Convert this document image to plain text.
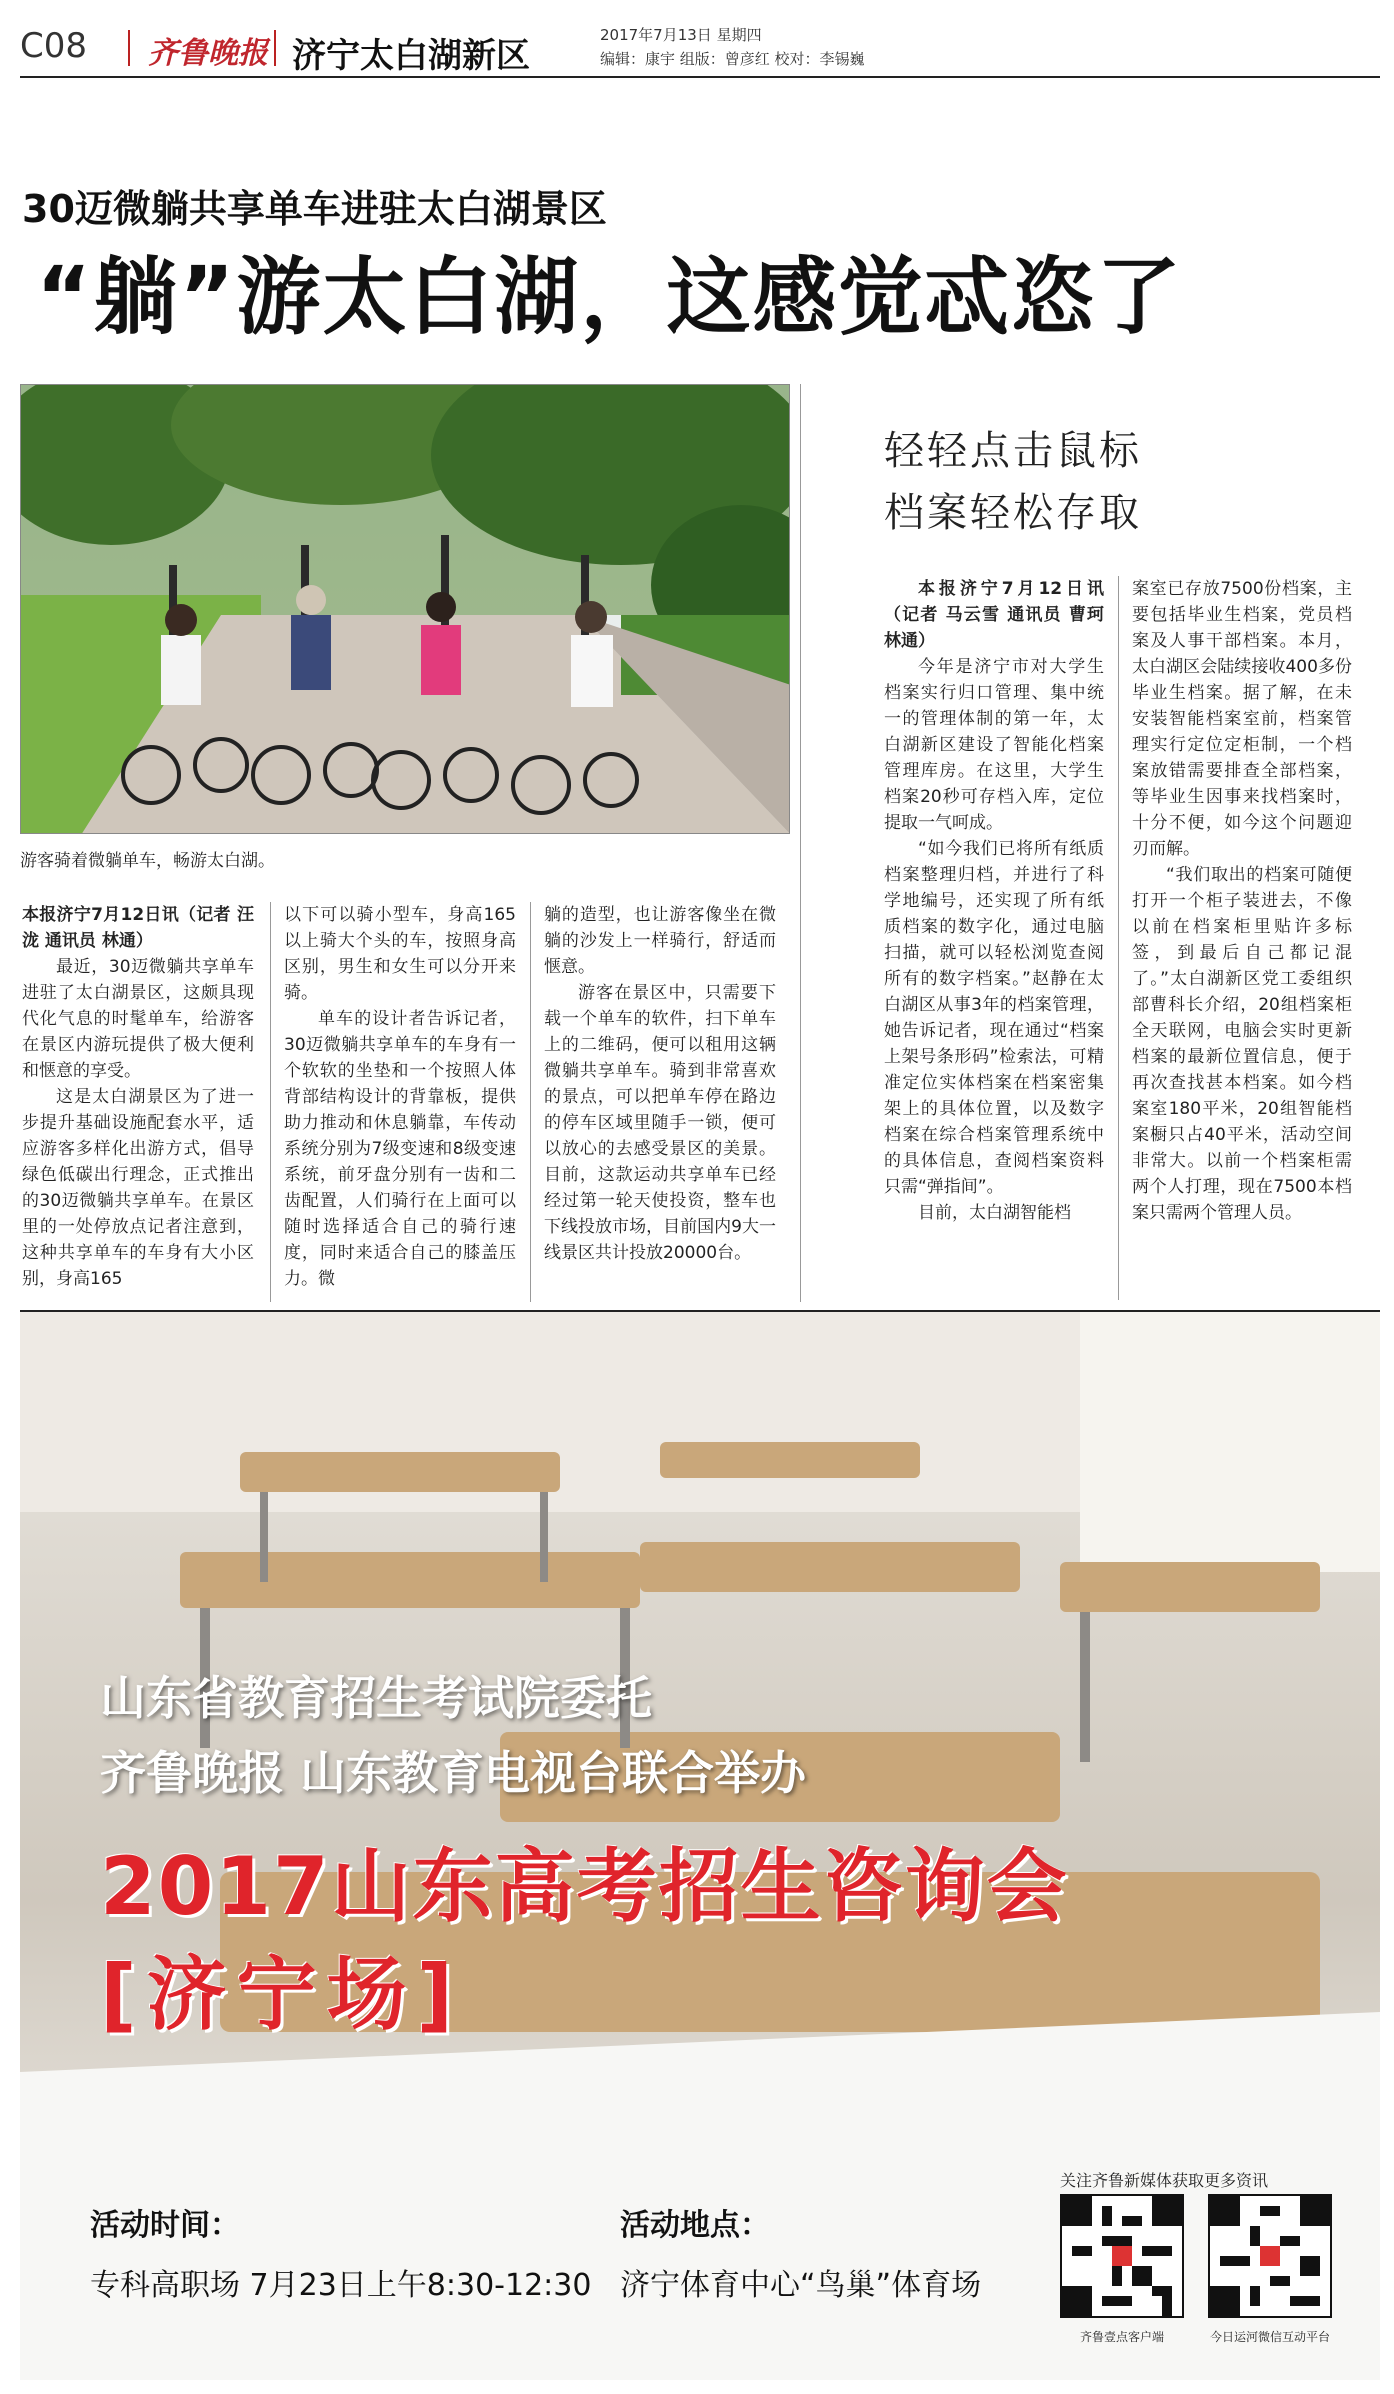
C08 齐鲁晚报 济宁太白湖新区
2017年7月13日 星期四
编辑：康宇 组版：曾彦红 校对：李锡巍
30迈微躺共享单车进驻太白湖景区
“躺”游太白湖，这感觉忒恣了
游客骑着微躺单车，畅游太白湖。

本报济宁7月12日讯（记者 汪泷 通讯员 林通）

最近，30迈微躺共享单车进驻了太白湖景区，这颇具现代化气息的时髦单车，给游客在景区内游玩提供了极大便利和惬意的享受。

这是太白湖景区为了进一步提升基础设施配套水平，适应游客多样化出游方式，倡导绿色低碳出行理念，正式推出的30迈微躺共享单车。在景区里的一处停放点记者注意到，这种共享单车的车身有大小区别，身高165

以下可以骑小型车，身高165以上骑大个头的车，按照身高区别，男生和女生可以分开来骑。

单车的设计者告诉记者，30迈微躺共享单车的车身有一个软软的坐垫和一个按照人体背部结构设计的背靠板，提供助力推动和休息躺靠，车传动系统分别为7级变速和8级变速系统，前牙盘分别有一齿和二齿配置，人们骑行在上面可以随时选择适合自己的骑行速度，同时来适合自己的膝盖压力。微

躺的造型，也让游客像坐在微躺的沙发上一样骑行，舒适而惬意。

游客在景区中，只需要下载一个单车的软件，扫下单车上的二维码，便可以租用这辆微躺共享单车。骑到非常喜欢的景点，可以把单车停在路边的停车区域里随手一锁，便可以放心的去感受景区的美景。目前，这款运动共享单车已经经过第一轮天使投资，整车也下线投放市场，目前国内9大一线景区共计投放20000台。

轻轻点击鼠标
档案轻松存取

本报济宁7月12日讯（记者 马云雪 通讯员 曹珂 林通）

今年是济宁市对大学生档案实行归口管理、集中统一的管理体制的第一年，太白湖新区建设了智能化档案管理库房。在这里，大学生档案20秒可存档入库，定位提取一气呵成。

“如今我们已将所有纸质档案整理归档，并进行了科学地编号，还实现了所有纸质档案的数字化，通过电脑扫描，就可以轻松浏览查阅所有的数字档案。”赵静在太白湖区从事3年的档案管理，她告诉记者，现在通过“档案上架号条形码”检索法，可精准定位实体档案在档案密集架上的具体位置，以及数字档案在综合档案管理系统中的具体信息，查阅档案资料只需“弹指间”。

目前，太白湖智能档

案室已存放7500份档案，主要包括毕业生档案，党员档案及人事干部档案。本月，太白湖区会陆续接收400多份毕业生档案。据了解，在未安装智能档案室前，档案管理实行定位定柜制，一个档案放错需要排查全部档案，等毕业生因事来找档案时，十分不便，如今这个问题迎刃而解。

“我们取出的档案可随便打开一个柜子装进去，不像以前在档案柜里贴许多标签，到最后自己都记混了。”太白湖新区党工委组织部曹科长介绍，20组档案柜全天联网，电脑会实时更新档案的最新位置信息，便于再次查找甚本档案。如今档案室180平米，20组智能档案橱只占40平米，活动空间非常大。以前一个档案柜需两个人打理，现在7500本档案只需两个管理人员。

山东省教育招生考试院委托
齐鲁晚报 山东教育电视台联合举办
2017山东高考招生咨询会
[济宁场]
活动时间：
专科高职场 7月23日上午8:30-12:30
活动地点：
济宁体育中心“鸟巢”体育场
关注齐鲁新媒体获取更多资讯
齐鲁壹点客户端	今日运河微信互动平台
